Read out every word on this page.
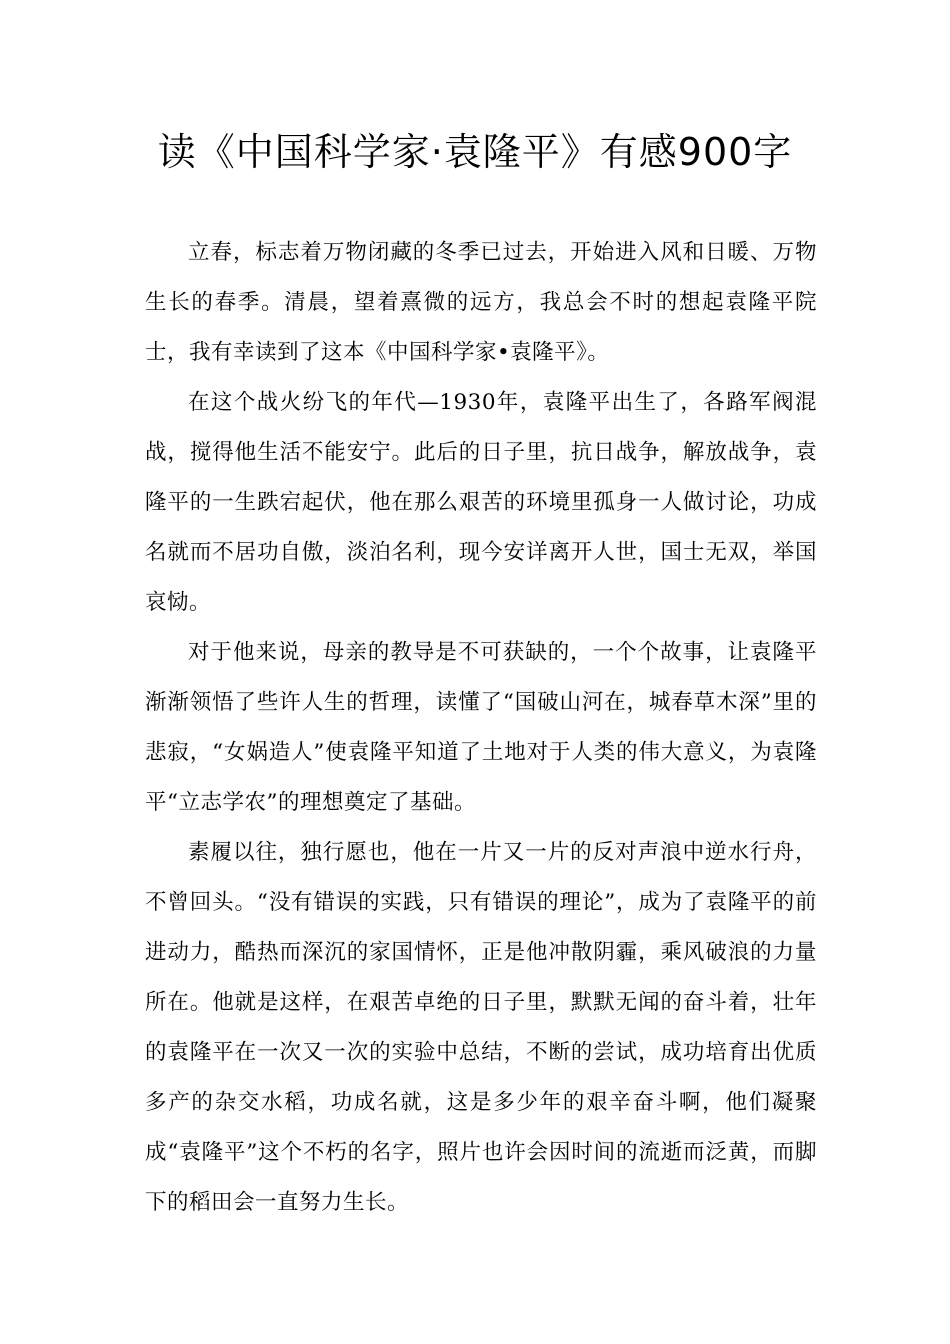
读《中国科学家·袁隆平》有感900字

立春，标志着万物闭藏的冬季已过去，开始进入风和日暖、万物生长的春季。清晨，望着熹微的远方，我总会不时的想起袁隆平院士，我有幸读到了这本《中国科学家•袁隆平》。

在这个战火纷飞的年代—1930年，袁隆平出生了，各路军阀混战，搅得他生活不能安宁。此后的日子里，抗日战争，解放战争，袁隆平的一生跌宕起伏，他在那么艰苦的环境里孤身一人做讨论，功成名就而不居功自傲，淡泊名利，现今安详离开人世，国士无双，举国哀恸。

对于他来说，母亲的教导是不可获缺的，一个个故事，让袁隆平渐渐领悟了些许人生的哲理，读懂了“国破山河在，城春草木深”里的悲寂，“女娲造人”使袁隆平知道了土地对于人类的伟大意义，为袁隆平“立志学农”的理想奠定了基础。

素履以往，独行愿也，他在一片又一片的反对声浪中逆水行舟，不曾回头。“没有错误的实践，只有错误的理论”，成为了袁隆平的前进动力，酷热而深沉的家国情怀，正是他冲散阴霾，乘风破浪的力量所在。他就是这样，在艰苦卓绝的日子里，默默无闻的奋斗着，壮年的袁隆平在一次又一次的实验中总结，不断的尝试，成功培育出优质多产的杂交水稻，功成名就，这是多少年的艰辛奋斗啊，他们凝聚成“袁隆平”这个不朽的名字，照片也许会因时间的流逝而泛黄，而脚下的稻田会一直努力生长。
